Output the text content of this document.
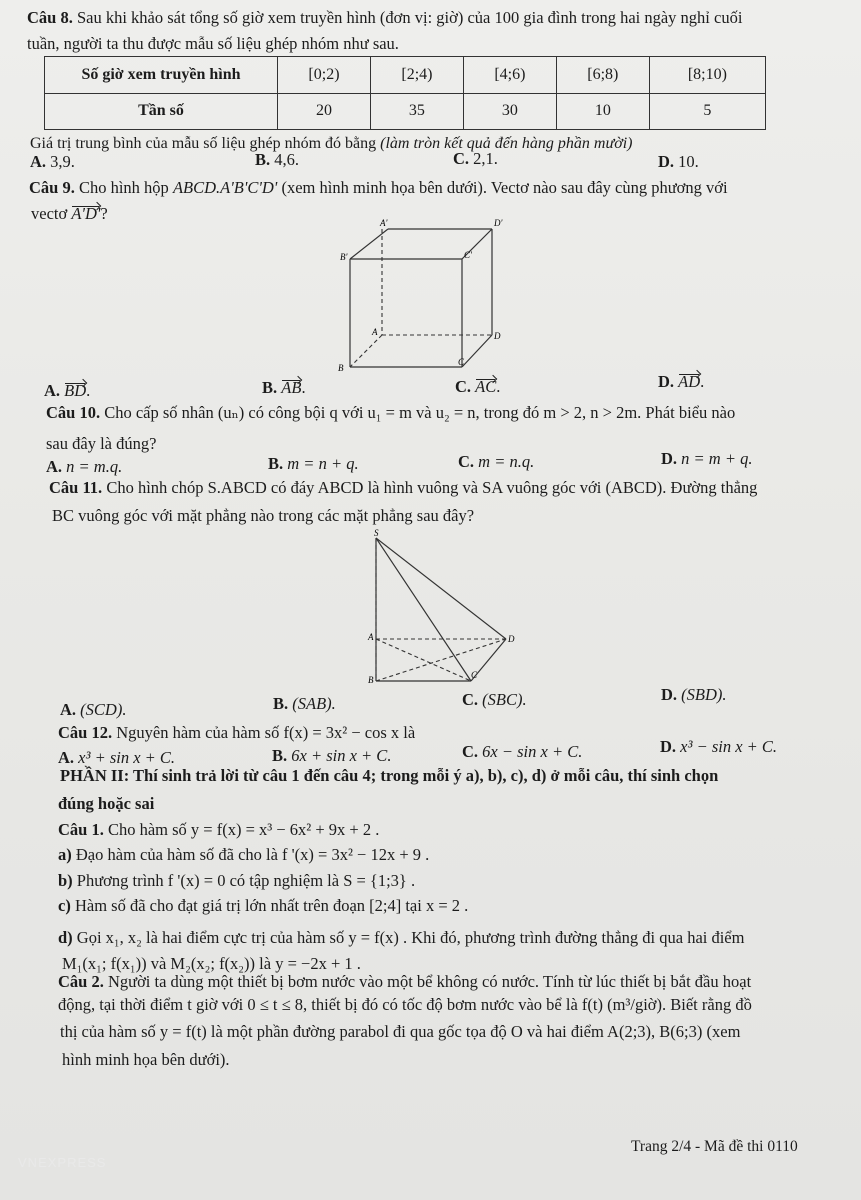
Câu 8. Sau khi khảo sát tổng số giờ xem truyền hình (đơn vị: giờ) của 100 gia đình trong hai ngày nghỉ cuối
tuần, người ta thu được mẫu số liệu ghép nhóm như sau.
Số giờ xem truyền hình	[0;2)	[2;4)	[4;6)	[6;8)	[8;10)
Tần số	20	35	30	10	5
Giá trị trung bình của mẫu số liệu ghép nhóm đó bằng (làm tròn kết quả đến hàng phần mười)
A. 3,9.	B. 4,6.	C. 2,1.	D. 10.
Câu 9. Cho hình hộp ABCD.A'B'C'D' (xem hình minh họa bên dưới). Vectơ nào sau đây cùng phương với
vectơ A'D'?	A'	D'
B'	C'
A	D
B
C
A. BD.	B. AB.	C. AC.	D. AD.
Câu 10. Cho cấp số nhân (uₙ) có công bội q với u₁ = m và u₂ = n, trong đó m > 2, n > 2m. Phát biểu nào
sau đây là đúng?
A. n = m.q.	B. m = n + q.	C. m = n.q.	D. n = m + q.
Câu 11. Cho hình chóp S.ABCD có đáy ABCD là hình vuông và SA vuông góc với (ABCD). Đường thẳng
BC vuông góc với mặt phẳng nào trong các mặt phẳng sau đây?
S
A	D
B	C
A. (SCD).	B. (SAB).	C. (SBC).	D. (SBD).
Câu 12. Nguyên hàm của hàm số f(x) = 3x² − cos x là
A. x³ + sin x + C.	B. 6x + sin x + C.	C. 6x − sin x + C.	D. x³ − sin x + C.
PHẦN II: Thí sinh trả lời từ câu 1 đến câu 4; trong mỗi ý a), b), c), d) ở mỗi câu, thí sinh chọn
đúng hoặc sai
Câu 1. Cho hàm số y = f(x) = x³ − 6x² + 9x + 2 .
a) Đạo hàm của hàm số đã cho là f '(x) = 3x² − 12x + 9 .
b) Phương trình f '(x) = 0 có tập nghiệm là S = {1;3} .
c) Hàm số đã cho đạt giá trị lớn nhất trên đoạn [2;4] tại x = 2 .
d) Gọi x₁, x₂ là hai điểm cực trị của hàm số y = f(x) . Khi đó, phương trình đường thẳng đi qua hai điểm
M₁(x₁; f(x₁)) và M₂(x₂; f(x₂)) là y = −2x + 1 .
Câu 2. Người ta dùng một thiết bị bơm nước vào một bể không có nước. Tính từ lúc thiết bị bắt đầu hoạt
động, tại thời điểm t giờ với 0 ≤ t ≤ 8, thiết bị đó có tốc độ bơm nước vào bể là f(t) (m³/giờ). Biết rằng đồ
thị của hàm số y = f(t) là một phần đường parabol đi qua gốc tọa độ O và hai điểm A(2;3), B(6;3) (xem
hình minh họa bên dưới).
Trang 2/4 - Mã đề thi 0110
VNEXPRESS
